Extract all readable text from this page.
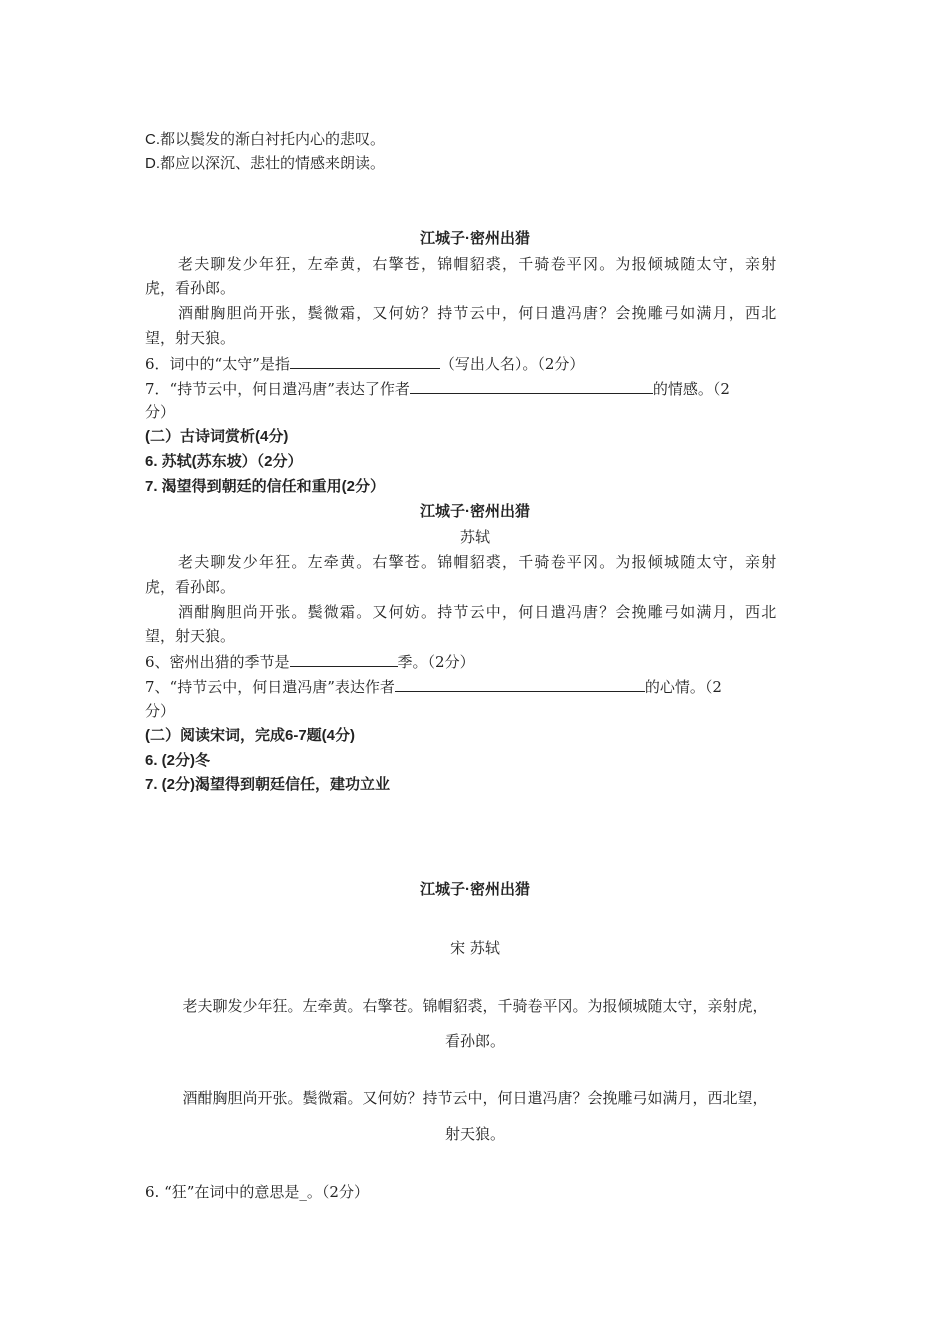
C.都以鬓发的渐白衬托内心的悲叹。
D.都应以深沉、悲壮的情感来朗读。
江城子·密州出猎
老夫聊发少年狂，左牵黄，右擎苍，锦帽貂裘，千骑卷平冈。为报倾城随太守，亲射
虎，看孙郎。
酒酣胸胆尚开张，鬓微霜，又何妨？持节云中，何日遣冯唐？会挽雕弓如满月，西北
望，射天狼。
6．词中的“太守”是指	（写出人名）。（2分）
7．“持节云中，何日遣冯唐”表达了作者	的情感。（2
分）
(二）古诗词赏析(4分)
6. 苏轼(苏东坡）（2分）
7. 渴望得到朝廷的信任和重用(2分）
江城子·密州出猎
苏轼
老夫聊发少年狂。左牵黄。右擎苍。锦帽貂裘，千骑卷平冈。为报倾城随太守，亲射
虎，看孙郎。
酒酣胸胆尚开张。鬓微霜。又何妨。持节云中，何日遣冯唐？会挽雕弓如满月，西北
望，射天狼。
6、密州出猎的季节是	季。（2分）
7、“持节云中，何日遣冯唐”表达作者	的心情。（2
分）
(二）阅读宋词，完成6-7题(4分)
6. (2分)冬
7. (2分)渴望得到朝廷信任，建功立业
江城子·密州出猎
宋 苏轼
老夫聊发少年狂。左牵黄。右擎苍。锦帽貂裘，千骑卷平冈。为报倾城随太守，亲射虎，
看孙郎。
酒酣胸胆尚开张。鬓微霜。又何妨？持节云中，何日遣冯唐？会挽雕弓如满月，西北望，
射天狼。
6. “狂”在词中的意思是_。（2分）
